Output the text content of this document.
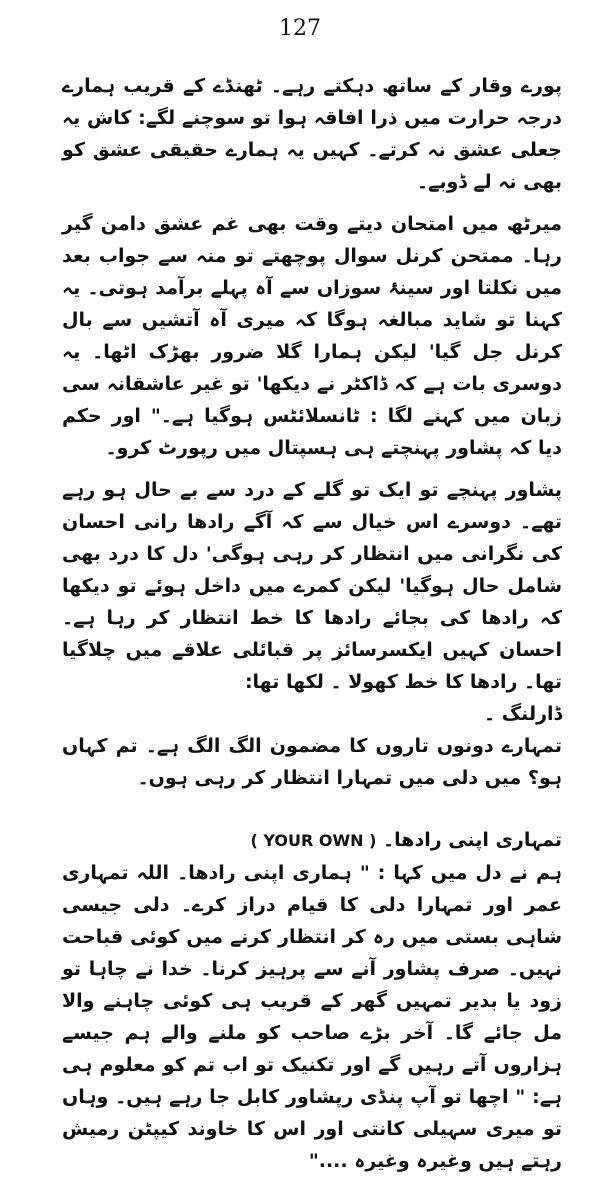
127

پورے وقار کے ساتھ دہکتے رہے۔ ٹھنڈے کے قریب ہمارے درجہ حرارت میں ذرا افاقہ ہوا تو سوچنے لگے: کاش یہ جعلی عشق نہ کرتے۔ کہیں یہ ہمارے حقیقی عشق کو بھی نہ لے ڈوبے۔

میرٹھ میں امتحان دیتے وقت بھی غم عشق دامن گیر رہا۔ ممتحن کرنل سوال پوچھتے تو منہ سے جواب بعد میں نکلتا اور سینۂ سوزاں سے آہ پہلے برآمد ہوتی۔ یہ کہنا تو شاید مبالغہ ہوگا کہ میری آہ آتشیں سے بال کرنل جل گیا' لیکن ہمارا گلا ضرور بھڑک اٹھا۔ یہ دوسری بات ہے کہ ڈاکٹر نے دیکھا' تو غیر عاشقانہ سی زبان میں کہنے لگا : ٹانسلائٹس ہوگیا ہے۔" اور حکم دیا کہ پشاور پہنچتے ہی ہسپتال میں رپورٹ کرو۔

پشاور پہنچے تو ایک تو گلے کے درد سے بے حال ہو رہے تھے۔ دوسرے اس خیال سے کہ آگے رادھا رانی احسان کی نگرانی میں انتظار کر رہی ہوگی' دل کا درد بھی شامل حال ہوگیا' لیکن کمرے میں داخل ہوئے تو دیکھا کہ رادھا کی بجائے رادھا کا خط انتظار کر رہا ہے۔ احسان کہیں ایکسرسائز پر قبائلی علاقے میں چلاگیا تھا۔ رادھا کا خط کھولا ۔ لکھا تھا:

ڈارلنگ ۔

تمہارے دونوں تاروں کا مضمون الگ الگ ہے۔ تم کہاں ہو؟ میں دلی میں تمہارا انتظار کر رہی ہوں۔

تمہاری اپنی رادھا۔ ( YOUR OWN )

ہم نے دل میں کہا : " ہماری اپنی رادھا۔ اللہ تمہاری عمر اور تمہارا دلی کا قیام دراز کرے۔ دلی جیسی شاہی بستی میں رہ کر انتظار کرنے میں کوئی قباحت نہیں۔ صرف پشاور آنے سے پرہیز کرنا۔ خدا نے چاہا تو زود یا بدیر تمہیں گھر کے قریب ہی کوئی چاہنے والا مل جائے گا۔ آخر بڑے صاحب کو ملنے والے ہم جیسے ہزاروں آتے رہیں گے اور تکنیک تو اب تم کو معلوم ہی ہے: " اچھا تو آپ پنڈی رپشاور کابل جا رہے ہیں۔ وہاں تو میری سہیلی کانتی اور اس کا خاوند کیپٹن رمیش رہتے ہیں وغیرہ وغیرہ ...."
